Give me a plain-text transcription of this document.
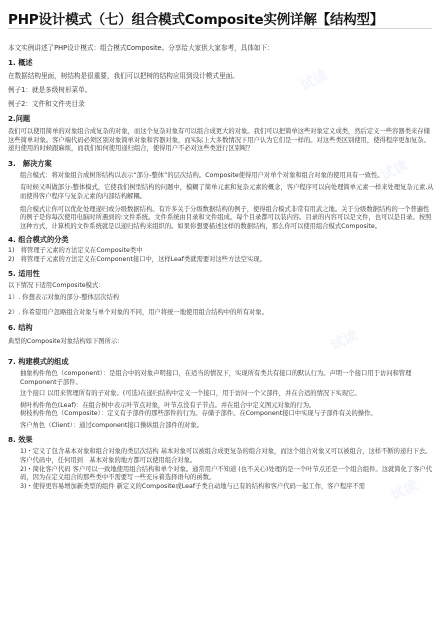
试读
试读
试读
试读
PHP设计模式（七）组合模式Composite实例详解【结构型】

本文实例讲述了PHP设计模式：组合模式Composite。分享给大家供大家参考，具体如下：

1. 概述

在数据结构里面，树结构是很重要，我们可以把树的结构应用到设计模式里面。

例子1：就是多级树形菜单。

例子2：文件和文件夹目录

2.问题

我们可以使用简单的对象组合成复杂的对象，而这个复杂对象有可以组合成更大的对象。我们可以把简单这些对象定义成类，然后定义一些容器类来存储这些简单对象。客户端代码必须区别对象简单对象和容器对象，而实际上大多数情况下用户认为它们是一样的。对这些类区别使用，使得程序更加复杂。递归使用的时候跟麻烦，而我们如何使用递归组合，使得用户不必对这些类进行区别呢？

3.　解决方案

组合模式：将对象组合成树形结构以表示“部分-整体”的层次结构。Composite使得用户对单个对象和组合对象的使用具有一致性。

有时候又叫做部分-整体模式，它使我们树型结构的问题中，模糊了简单元素和复杂元素的概念，客户程序可以向处理简单元素一样来处理复杂元素,从而使得客户程序与复杂元素的内部结构解耦。

组合模式让你可以优化处理递归或分级数据结构。有许多关于分级数据结构的例子，使得组合模式非常有用武之地。关于分级数据结构的一个普遍性的例子是你每次使用电脑时所遇到的:文件系统。文件系统由目录和文件组成。每个目录都可以装内容。目录的内容可以是文件，也可以是目录。按照这种方式，计算机的文件系统就是以递归结构来组织的。如果你想要描述这样的数据结构，那么你可以使用组合模式Composite。

4. 组合模式的分类

1)　将管理子元素的方法定义在Composite类中

2)　将管理子元素的方法定义在Component接口中，这样Leaf类就需要对这些方法空实现。

5. 适用性

以下情况下适用Composite模式：

1）. 你想表示对象的部分-整体层次结构

2）. 你希望用户忽略组合对象与单个对象的不同，用户将统一地使用组合结构中的所有对象。

6. 结构

典型的Composite对象结构如下图所示:

7. 构建模式的组成

抽象构件角色（component）：是组合中的对象声明接口，在适当的情况下，实现所有类共有接口的默认行为。声明一个接口用于访问和管理Component子部件。

这个接口 以用来管理所有的子对象。(可选)在递归结构中定义一个接口，用于访问一个父部件，并在合适的情况下实现它。

树叶构件角色(Leaf)：在组合树中表示叶节点对象，叶节点没有子节点。并在组合中定义图元对象的行为。

树枝构件角色（Composite）：定义有子部件的那些部件的行为。存储子部件。在Component接口中实现与子部件有关的操作。

客户角色（Client）：通过component接口操纵组合部件的对象。

8. 效果

1)・定义了包含基本对象和组合对象的类层次结构 基本对象可以被组合成更复杂的组合对象，而这个组合对象又可以被组合，这样不断的递归下去。客户代码中，任何用到　基本对象的地方都可以使用组合对象。

2)・简化客户代码 客户可以一致地使用组合结构和单个对象。通常用户不知道 (也不关心)处理的是一个叶节点还是一个组合组件。这就简化了客户代码，因为在定义组合的那些类中不需要写一些充斥着选择语句的函数。

3)・使得更容易增加新类型的组件 新定义的Composite或Leaf子类自动地与已有的结构和客户代码一起工作，客户程序不需
